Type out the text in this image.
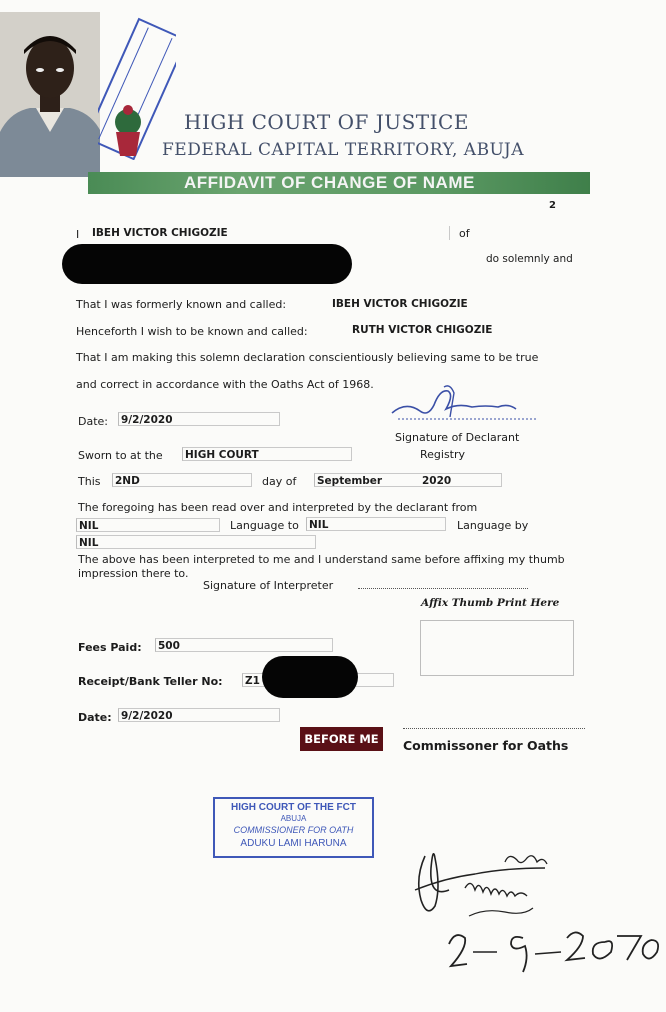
HIGH COURT OF JUSTICE
FEDERAL CAPITAL TERRITORY, ABUJA
AFFIDAVIT OF CHANGE OF NAME
2
I IBEH VICTOR CHIGOZIE	of
do solemnly and
That I was formerly known and called:	IBEH VICTOR CHIGOZIE
Henceforth I wish to be known and called:	RUTH VICTOR CHIGOZIE
That I am making this solemn declaration conscientiously believing same to be true
and correct in accordance with the Oaths Act of 1968.
Date: 9/2/2020
Signature of Declarant
Registry
Sworn to at the HIGH COURT
This 2ND	day of September	2020
The foregoing has been read over and interpreted by the declarant from
NIL	Language to NIL	Language by
NIL
The above has been interpreted to me and I understand same before affixing my thumb
impression there to.
Signature of Interpreter
Affix Thumb Print Here
Fees Paid: 500
Receipt/Bank Teller No: Z1
Date: 9/2/2020
BEFORE ME	Commissoner for Oaths
HIGH COURT OF THE FCT
ABUJA
COMMISSIONER FOR OATH
ADUKU LAMI HARUNA
